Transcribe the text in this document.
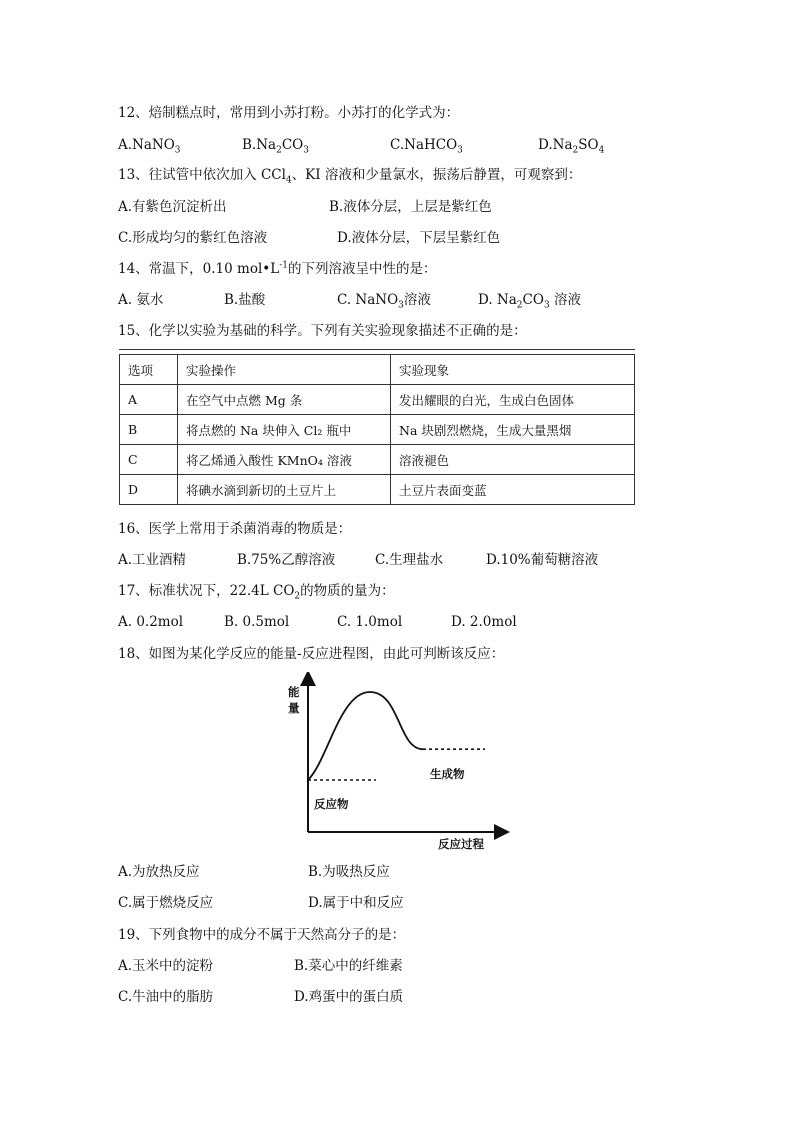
12、焙制糕点时，常用到小苏打粉。小苏打的化学式为：
A.NaNO$_3$	$B.Na_2CO_3$	C.NaHCO$_3$	$D.Na_2SO_4$
13、往试管中依次加入 CCl$_4$、KI 溶液和少量氯水，振荡后静置，可观察到：
A.有紫色沉淀析出	B.液体分层，上层是紫红色
C.形成均匀的紫红色溶液	D.液体分层，下层呈紫红色
14、常温下，0.10 $mol•L^{-1}$的下列溶液呈中性的是：
A. 氨水	B.盐酸	C. NaNO$_3$溶液	D. $Na_2CO_3$ 溶液
15、化学以实验为基础的科学。下列有关实验现象描述不正确的是：
选项	实验操作	实验现象
A	在空气中点燃 Mg 条	发出耀眼的白光，生成白色固体
B	将点燃的 Na 块伸入 Cl₂ 瓶中	Na 块剧烈燃烧，生成大量黑烟
C	将乙烯通入酸性 KMnO₄ 溶液	溶液褪色
D	将碘水滴到新切的土豆片上	土豆片表面变蓝
16、医学上常用于杀菌消毒的物质是：
A.工业酒精	B.75%乙醇溶液	C.生理盐水	D.10%葡萄糖溶液
17、标准状况下，22.4L $CO_2$的物质的量为：
A. 0.2mol	B. 0.5mol	C. 1.0mol	D. 2.0mol
18、如图为某化学反应的能量-反应进程图，由此可判断该反应：
能
量
反应过程
反应物
生成物
A.为放热反应	B.为吸热反应
C.属于燃烧反应	D.属于中和反应
19、下列食物中的成分不属于天然高分子的是：
A.玉米中的淀粉	B.菜心中的纤维素
C.牛油中的脂肪	D.鸡蛋中的蛋白质
